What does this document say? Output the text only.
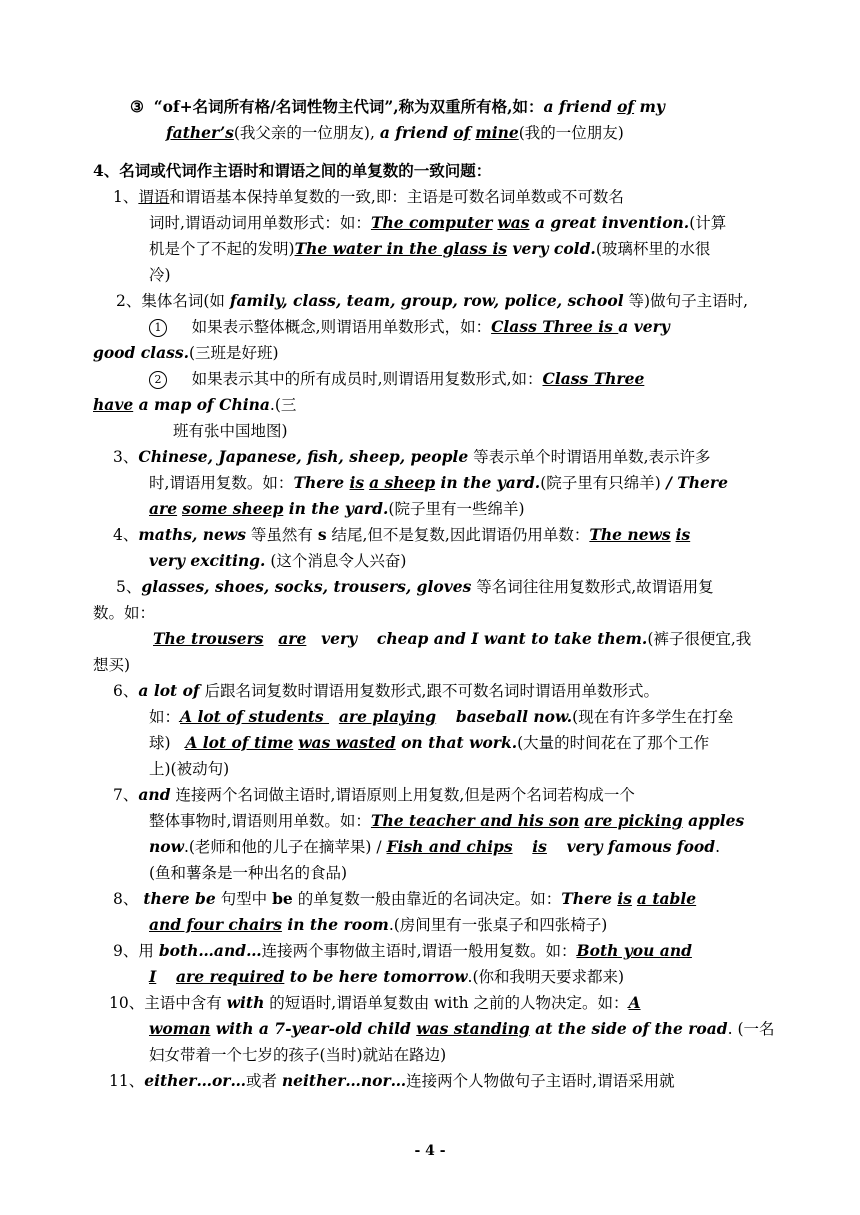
③ “of+名词所有格/名词性物主代词”,称为双重所有格,如：a friend of my
father’s(我父亲的一位朋友), a friend of mine(我的一位朋友)
4、名词或代词作主语时和谓语之间的单复数的一致问题：
1、谓语和谓语基本保持单复数的一致,即：主语是可数名词单数或不可数名
词时,谓语动词用单数形式：如：The computer was a great invention.(计算
机是个了不起的发明)The water in the glass is very cold.(玻璃杯里的水很
冷)
2、集体名词(如 family, class, team, group, row, police, school 等)做句子主语时,
1 如果表示整体概念,则谓语用单数形式，如：Class Three is a very
good class.(三班是好班)
2 如果表示其中的所有成员时,则谓语用复数形式,如：Class Three
have a map of China.(三
班有张中国地图)
3、Chinese, Japanese, fish, sheep, people 等表示单个时谓语用单数,表示许多
时,谓语用复数。如：There is a sheep in the yard.(院子里有只绵羊) / There
are some sheep in the yard.(院子里有一些绵羊)
4、maths, news 等虽然有 s 结尾,但不是复数,因此谓语仍用单数：The news is
very exciting. (这个消息令人兴奋)
5、glasses, shoes, socks, trousers, gloves 等名词往往用复数形式,故谓语用复
数。如：
The trousers are very cheap and I want to take them.(裤子很便宜,我
想买)
6、a lot of 后跟名词复数时谓语用复数形式,跟不可数名词时谓语用单数形式。
如：A lot of students   are playing baseball now.(现在有许多学生在打垒
球) A lot of time was wasted on that work.(大量的时间花在了那个工作
上)(被动句)
7、and 连接两个名词做主语时,谓语原则上用复数,但是两个名词若构成一个
整体事物时,谓语则用单数。如：The teacher and his son are picking apples
now.(老师和他的儿子在摘苹果) / Fish and chips is very famous food.
(鱼和薯条是一种出名的食品)
8、 there be 句型中 be 的单复数一般由靠近的名词决定。如：There is a table
and four chairs in the room.(房间里有一张桌子和四张椅子)
9、用 both…and…连接两个事物做主语时,谓语一般用复数。如：Both you and
I are required to be here tomorrow.(你和我明天要求都来)
10、主语中含有 with 的短语时,谓语单复数由 with 之前的人物决定。如：A
woman with a 7-year-old child was standing at the side of the road. (一名
妇女带着一个七岁的孩子(当时)就站在路边)
11、either…or…或者 neither…nor…连接两个人物做句子主语时,谓语采用就
- 4 -
